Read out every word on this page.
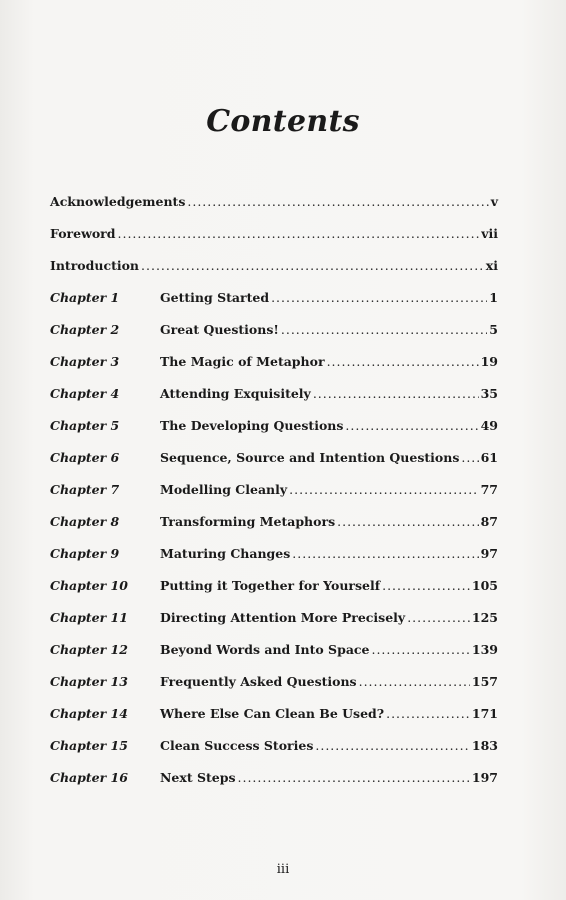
Contents
Acknowledgements .....	v
Foreword .....	vii
Introduction .....	xi
Chapter 1	Getting Started .....	1
Chapter 2	Great Questions! .....	5
Chapter 3	The Magic of Metaphor .....	19
Chapter 4	Attending Exquisitely .....	35
Chapter 5	The Developing Questions .....	49
Chapter 6	Sequence, Source and Intention Questions ..... 61
Chapter 7	Modelling Cleanly .....	77
Chapter 8	Transforming Metaphors .....	87
Chapter 9	Maturing Changes .....	97
Chapter 10	Putting it Together for Yourself .....	105
Chapter 11	Directing Attention More Precisely .....	125
Chapter 12	Beyond Words and Into Space .....	139
Chapter 13	Frequently Asked Questions .....	157
Chapter 14	Where Else Can Clean Be Used? .....	171
Chapter 15	Clean Success Stories .....	183
Chapter 16	Next Steps .....	197
iii
